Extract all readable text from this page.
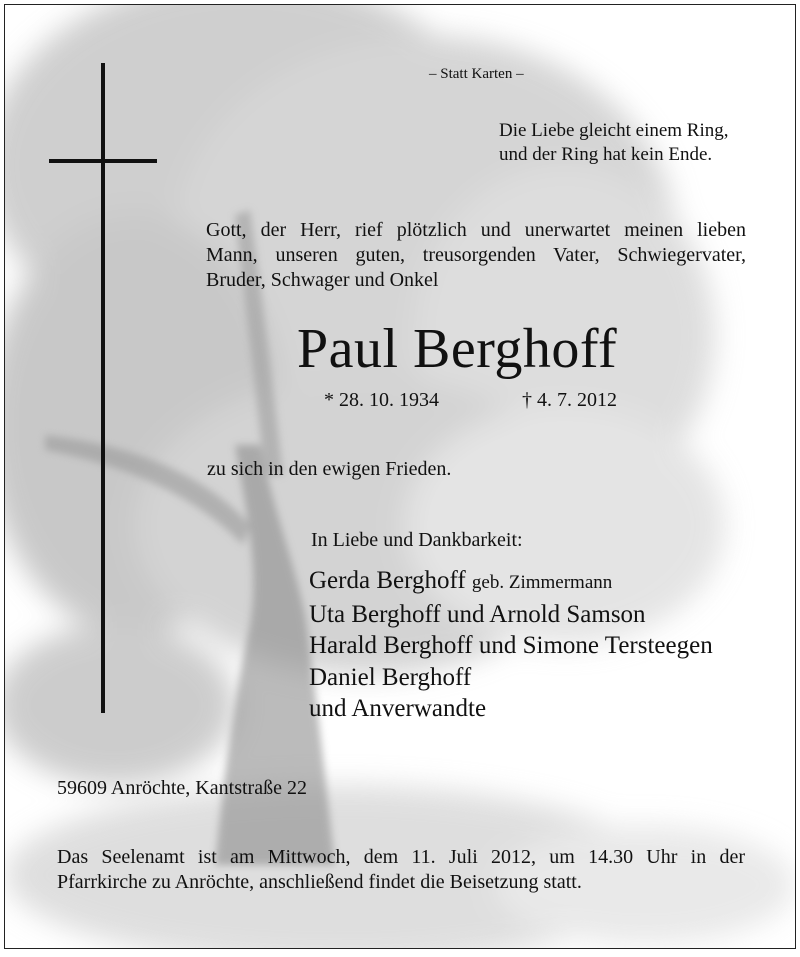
– Statt Karten –
Die Liebe gleicht einem Ring,
und der Ring hat kein Ende.
Gott, der Herr, rief plötzlich und unerwartet meinen lieben
Mann, unseren guten, treusorgenden Vater, Schwiegervater,
Bruder, Schwager und Onkel
Paul Berghoff
* 28. 10. 1934	† 4. 7. 2012
zu sich in den ewigen Frieden.
In Liebe und Dankbarkeit:
Gerda Berghoff geb. Zimmermann
Uta Berghoff und Arnold Samson
Harald Berghoff und Simone Tersteegen
Daniel Berghoff
und Anverwandte
59609 Anröchte, Kantstraße 22
Das Seelenamt ist am Mittwoch, dem 11. Juli 2012, um 14.30 Uhr in der
Pfarrkirche zu Anröchte, anschließend findet die Beisetzung statt.
